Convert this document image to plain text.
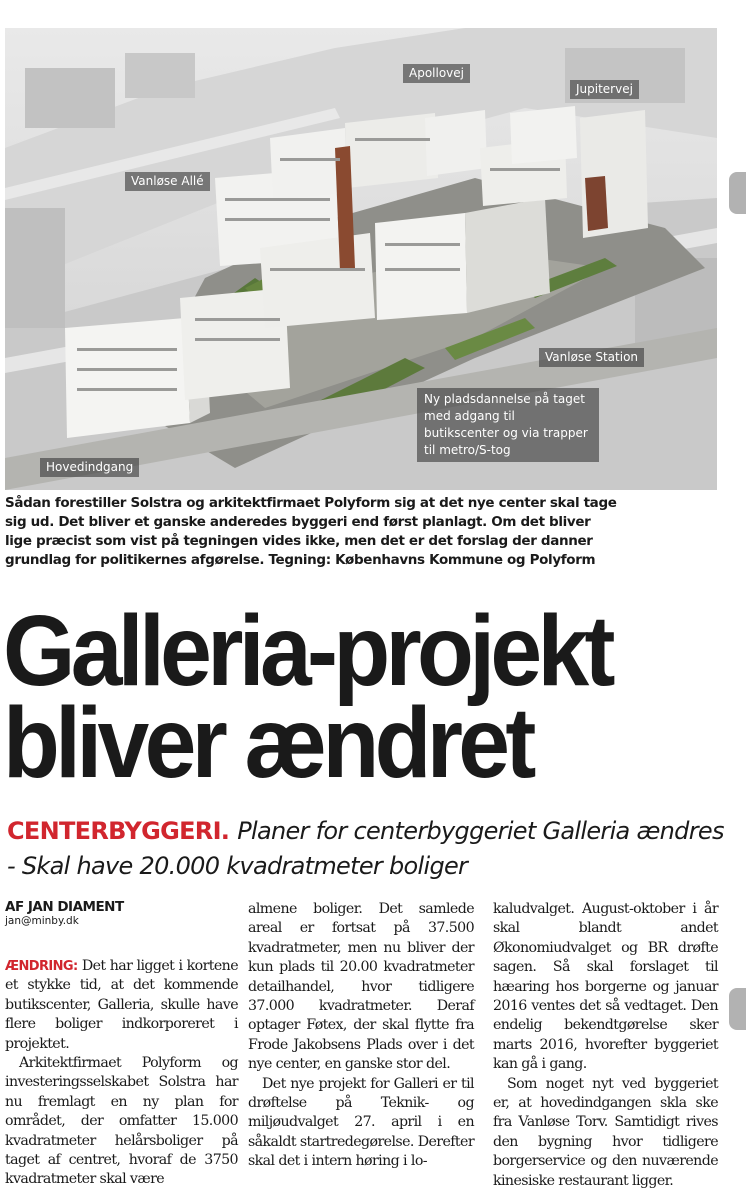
Apollovej
Jupitervej
Vanløse Allé
Vanløse Station
Hovedindgang
Ny pladsdannelse på taget med adgang til butikscenter og via trapper til metro/S-tog
Sådan forestiller Solstra og arkitektfirmaet Polyform sig at det nye center skal tage sig ud. Det bliver et ganske anderedes byggeri end først planlagt. Om det bliver lige præcist som vist på tegningen vides ikke, men det er det forslag der danner grundlag for politikernes afgørelse. Tegning: Københavns Kommune og Polyform
Galleria-projekt
bliver ændret
CENTERBYGGERI. Planer for centerbyggeriet Galleria ændres - Skal have 20.000 kvadratmeter boliger
AF JAN DIAMENT
jan@minby.dk

ÆNDRING: Det har ligget i kortene et stykke tid, at det kommende butikscenter, Galleria, skulle have flere boliger indkorporeret i projektet.

Arkitektfirmaet Polyform og investeringsselskabet Solstra har nu fremlagt en ny plan for området, der omfatter 15.000 kvadratmeter helårsboliger på taget af centret, hvoraf de 3750 kvadratmeter skal være

almene boliger. Det samlede areal er fortsat på 37.500 kvadratmeter, men nu bliver der kun plads til 20.00 kvadratmeter detailhandel, hvor tidligere 37.000 kvadratmeter. Deraf optager Føtex, der skal flytte fra Frode Jakobsens Plads over i det nye center, en ganske stor del.

Det nye projekt for Galleri er til drøftelse på Teknik- og miljøudvalget 27. april i en såkaldt startredegørelse. Derefter skal det i intern høring i lo-

kaludvalget. August-oktober i år skal blandt andet Økonomiudvalget og BR drøfte sagen. Så skal forslaget til hæaring hos borgerne og januar 2016 ventes det så vedtaget. Den endelig bekendtgørelse sker marts 2016, hvorefter byggeriet kan gå i gang.

Som noget nyt ved byggeriet er, at hovedindgangen skla ske fra Vanløse Torv. Samtidigt rives den bygning hvor tidligere borgerservice og den nuværende kinesiske restaurant ligger.
